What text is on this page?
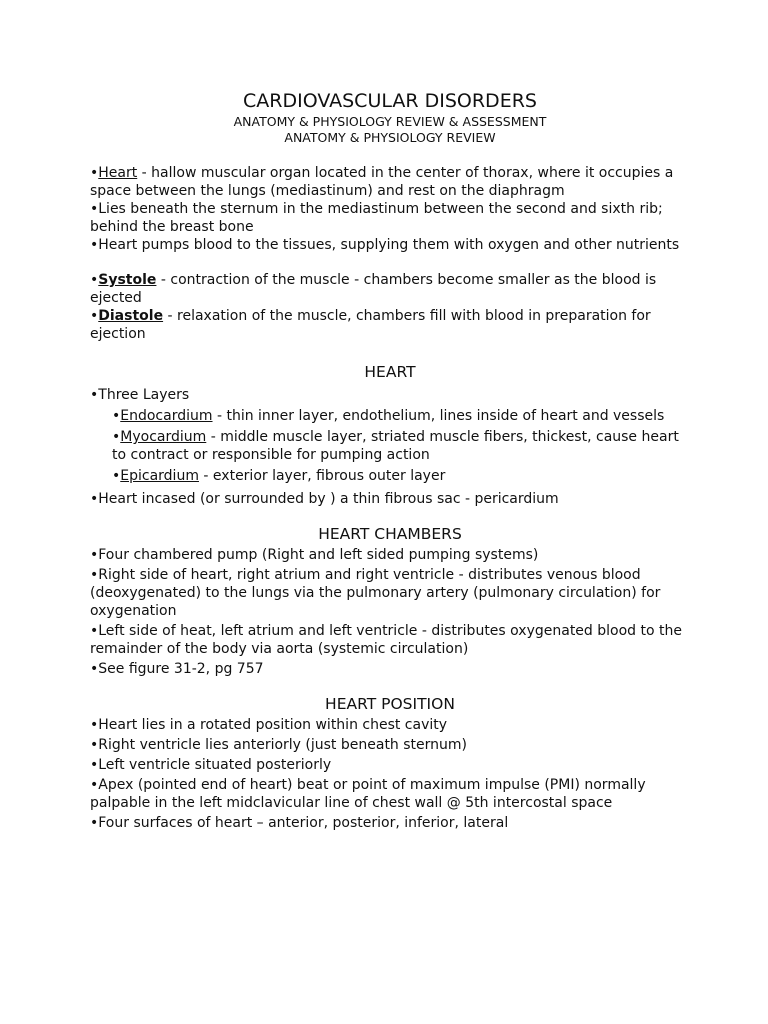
CARDIOVASCULAR DISORDERS

ANATOMY & PHYSIOLOGY REVIEW & ASSESSMENT

ANATOMY & PHYSIOLOGY REVIEW

•Heart - hallow muscular organ located in the center of thorax, where it occupies a space between the lungs (mediastinum) and rest on the diaphragm

•Lies beneath the sternum in the mediastinum between the second and sixth rib; behind the breast bone

•Heart pumps blood to the tissues, supplying them with oxygen and other nutrients

•Systole - contraction of the muscle - chambers become smaller as the blood is ejected

•Diastole - relaxation of the muscle, chambers fill with blood in preparation for ejection

HEART

•Three Layers

•Endocardium - thin inner layer, endothelium, lines inside of heart and vessels

•Myocardium - middle muscle layer, striated muscle fibers, thickest, cause heart to contract or responsible for pumping action

•Epicardium - exterior layer, fibrous outer layer

•Heart incased (or surrounded by ) a thin fibrous sac - pericardium

HEART CHAMBERS

•Four chambered pump (Right and left sided pumping systems)

•Right side of heart, right atrium and right ventricle - distributes venous blood (deoxygenated) to the lungs via the pulmonary artery (pulmonary circulation) for oxygenation

•Left side of heat, left atrium and left ventricle - distributes oxygenated blood to the remainder of the body via aorta (systemic circulation)

•See figure 31-2, pg 757

HEART POSITION

•Heart lies in a rotated position within chest cavity

•Right ventricle lies anteriorly (just beneath sternum)

•Left ventricle situated posteriorly

•Apex (pointed end of heart) beat or point of maximum impulse (PMI) normally palpable in the left midclavicular line of chest wall @ 5th intercostal space

•Four surfaces of heart – anterior, posterior, inferior, lateral
